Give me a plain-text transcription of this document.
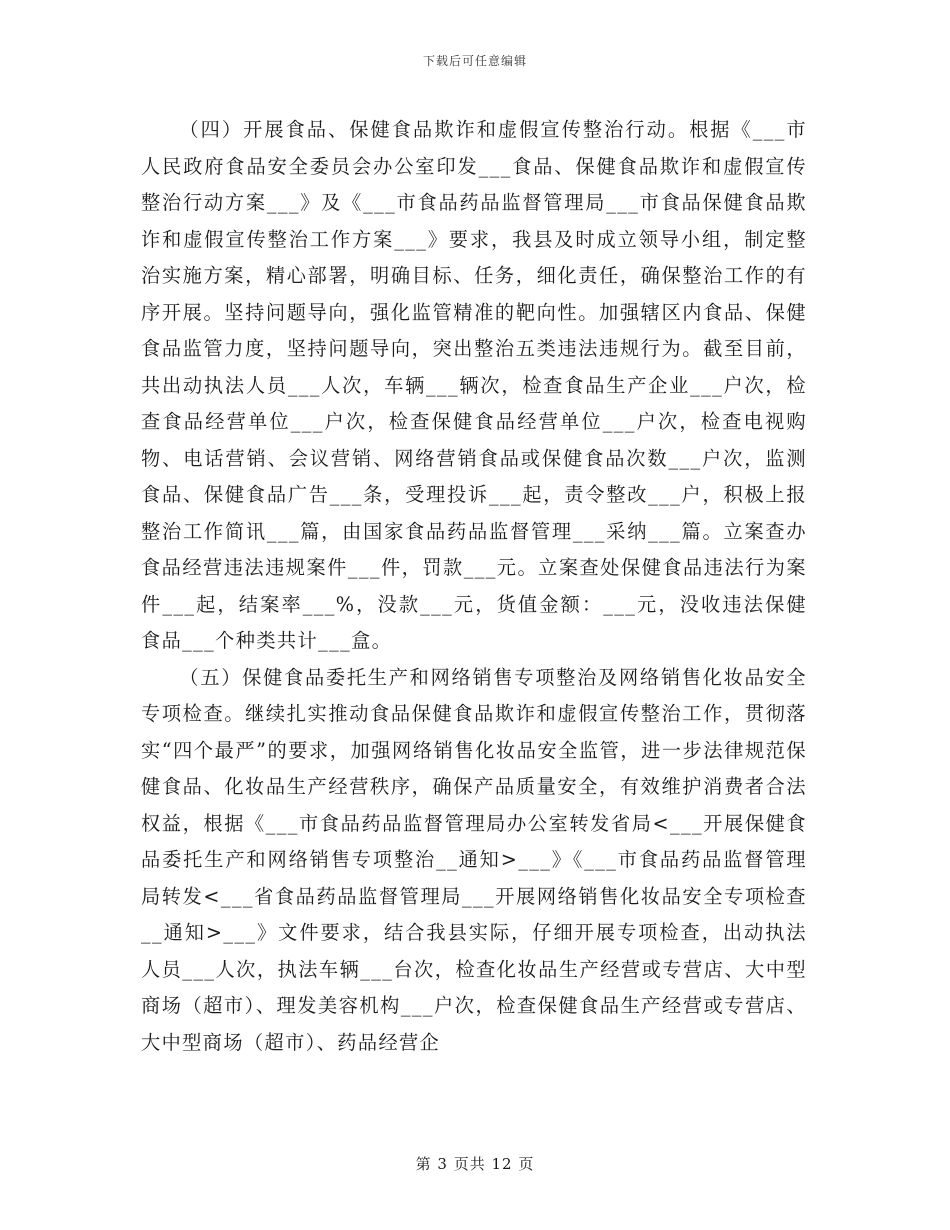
下载后可任意编辑

（四）开展食品、保健食品欺诈和虚假宣传整治行动。根据《___市人民政府食品安全委员会办公室印发___食品、保健食品欺诈和虚假宣传整治行动方案___》及《___市食品药品监督管理局___市食品保健食品欺诈和虚假宣传整治工作方案___》要求，我县及时成立领导小组，制定整治实施方案，精心部署，明确目标、任务，细化责任，确保整治工作的有序开展。坚持问题导向，强化监管精准的靶向性。加强辖区内食品、保健食品监管力度，坚持问题导向，突出整治五类违法违规行为。截至目前，共出动执法人员___人次，车辆___辆次，检查食品生产企业___户次，检查食品经营单位___户次，检查保健食品经营单位___户次，检查电视购物、电话营销、会议营销、网络营销食品或保健食品次数___户次，监测食品、保健食品广告___条，受理投诉___起，责令整改___户，积极上报整治工作简讯___篇，由国家食品药品监督管理___采纳___篇。立案查办食品经营违法违规案件___件，罚款___元。立案查处保健食品违法行为案件___起，结案率___%，没款___元，货值金额：___元，没收违法保健食品___个种类共计___盒。

（五）保健食品委托生产和网络销售专项整治及网络销售化妆品安全专项检查。继续扎实推动食品保健食品欺诈和虚假宣传整治工作，贯彻落实“四个最严”的要求，加强网络销售化妆品安全监管，进一步法律规范保健食品、化妆品生产经营秩序，确保产品质量安全，有效维护消费者合法权益，根据《___市食品药品监督管理局办公室转发省局<___开展保健食品委托生产和网络销售专项整治__通知>___》《___市食品药品监督管理局转发<___省食品药品监督管理局___开展网络销售化妆品安全专项检查__通知>___》文件要求，结合我县实际，仔细开展专项检查，出动执法人员___人次，执法车辆___台次，检查化妆品生产经营或专营店、大中型商场（超市）、理发美容机构___户次，检查保健食品生产经营或专营店、大中型商场（超市）、药品经营企

第 3 页共 12 页
